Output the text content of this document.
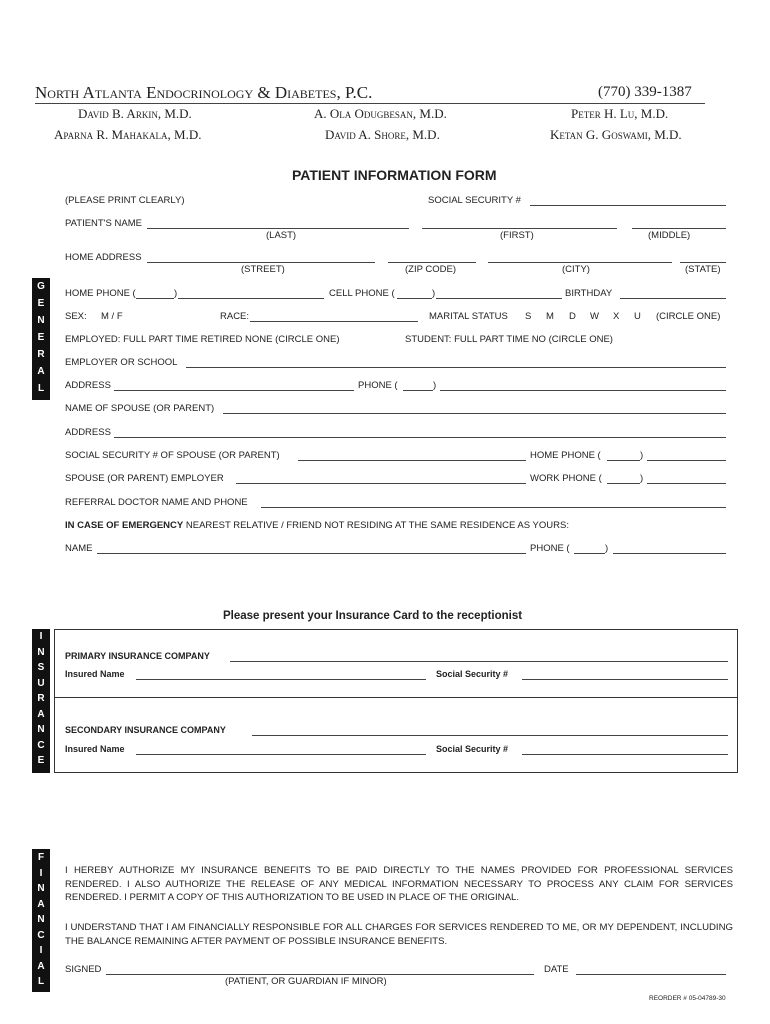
North Atlanta Endocrinology & Diabetes, P.C.	(770) 339-1387
David B. Arkin, M.D.	A. Ola Odugbesan, M.D.	Peter H. Lu, M.D.
Aparna R. Mahakala, M.D.	David A. Shore, M.D.	Ketan G. Goswami, M.D.
PATIENT INFORMATION FORM
G
E
N
E
R
A
L
(PLEASE PRINT CLEARLY)	SOCIAL SECURITY #
PATIENT'S NAME
(LAST)	(FIRST)	(MIDDLE)
HOME ADDRESS
(STREET)	(ZIP CODE)	(CITY)	(STATE)
HOME PHONE (	)	CELL PHONE (	)	BIRTHDAY
SEX: M / F	RACE:	MARITAL STATUS S M D W X U (CIRCLE ONE)
EMPLOYED: FULL PART TIME RETIRED NONE (CIRCLE ONE)	STUDENT: FULL PART TIME NO (CIRCLE ONE)
EMPLOYER OR SCHOOL
ADDRESS	PHONE (	)
NAME OF SPOUSE (OR PARENT)
ADDRESS
SOCIAL SECURITY # OF SPOUSE (OR PARENT)	HOME PHONE (	)
SPOUSE (OR PARENT) EMPLOYER	WORK PHONE (	)
REFERRAL DOCTOR NAME AND PHONE
IN CASE OF EMERGENCY NEAREST RELATIVE / FRIEND NOT RESIDING AT THE SAME RESIDENCE AS YOURS:
NAME	PHONE (	)
Please present your Insurance Card to the receptionist
I
N
S
U
R
A
N
C
E
PRIMARY INSURANCE COMPANY
Insured Name	Social Security #
SECONDARY INSURANCE COMPANY
Insured Name	Social Security #
F
I
N
A
N
C
I
A
L
I HEREBY AUTHORIZE MY INSURANCE BENEFITS TO BE PAID DIRECTLY TO THE NAMES PROVIDED FOR PROFESSIONAL SERVICES RENDERED. I ALSO AUTHORIZE THE RELEASE OF ANY MEDICAL INFORMATION NECESSARY TO PROCESS ANY CLAIM FOR SERVICES RENDERED. I PERMIT A COPY OF THIS AUTHORIZATION TO BE USED IN PLACE OF THE ORIGINAL.
I UNDERSTAND THAT I AM FINANCIALLY RESPONSIBLE FOR ALL CHARGES FOR SERVICES RENDERED TO ME, OR MY DEPENDENT, INCLUDING THE BALANCE REMAINING AFTER PAYMENT OF POSSIBLE INSURANCE BENEFITS.
SIGNED	DATE
(PATIENT, OR GUARDIAN IF MINOR)
REORDER # 05-04789-30
